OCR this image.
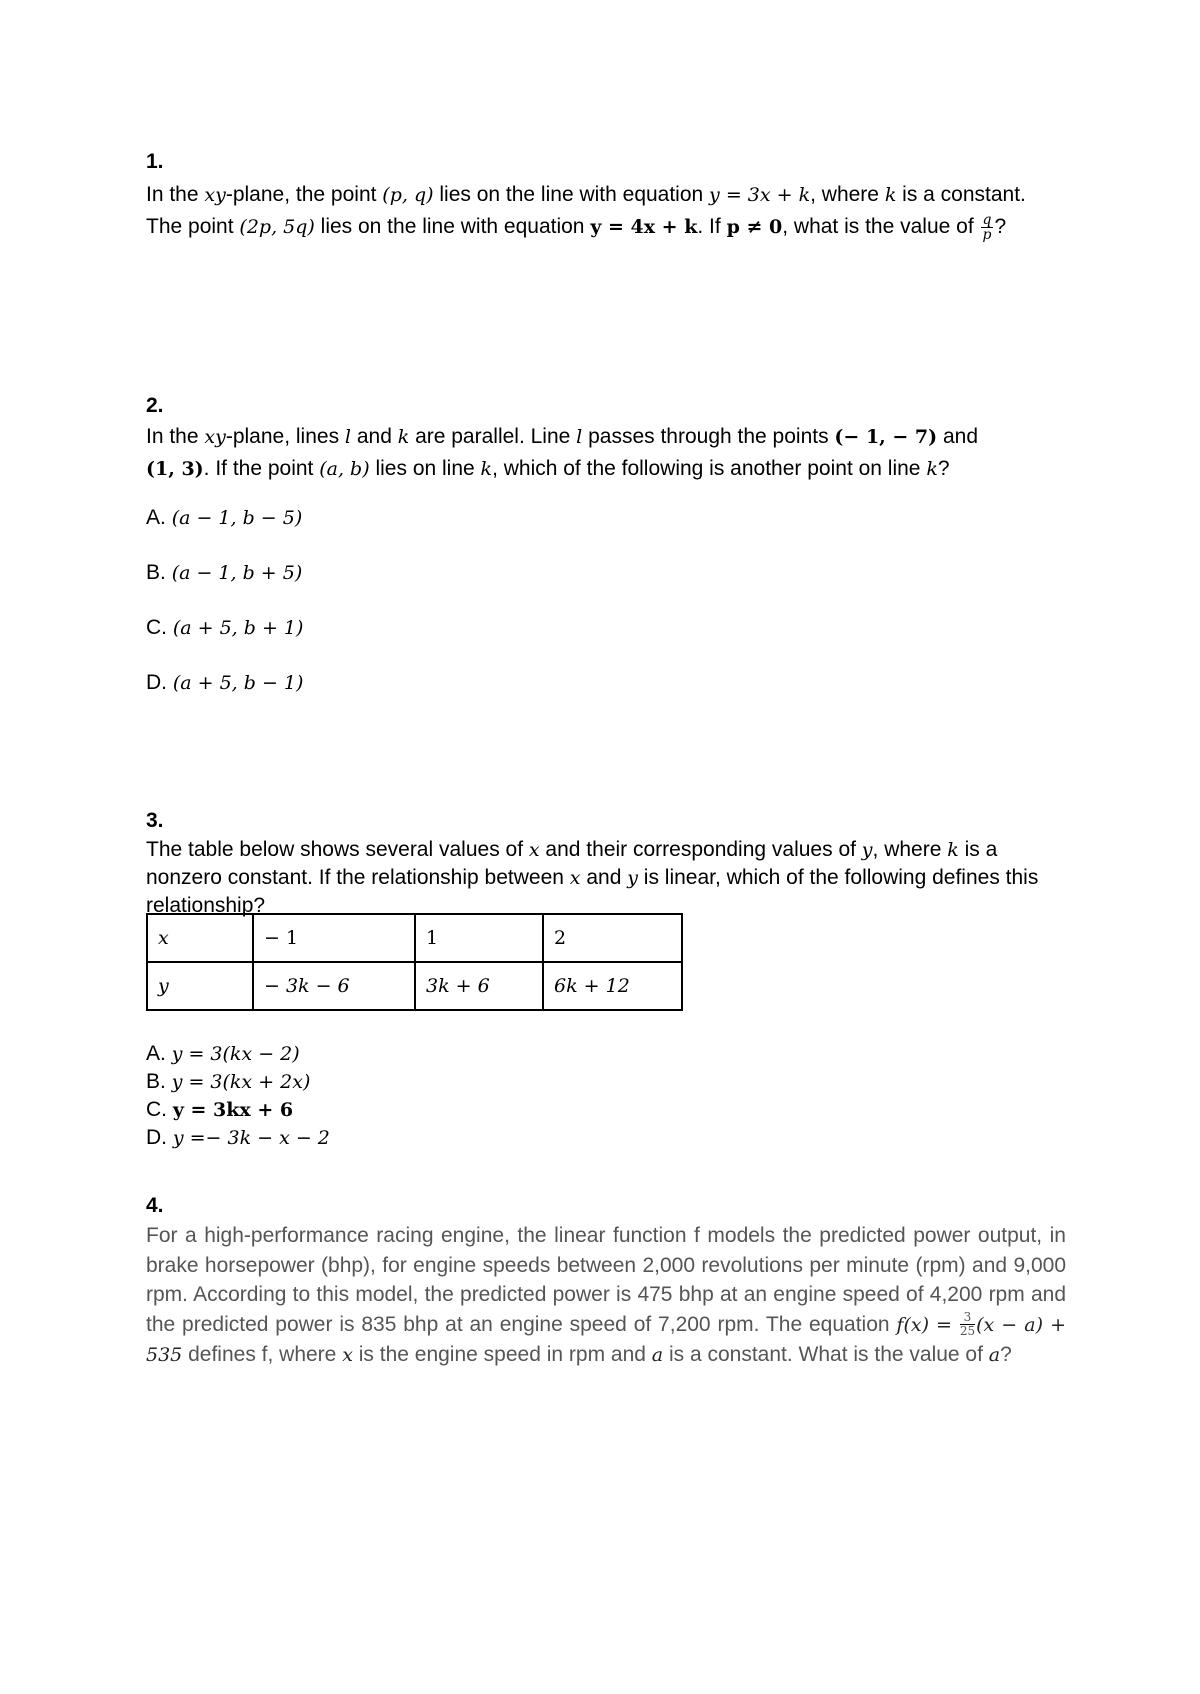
1.

In the xy-plane, the point (p, q) lies on the line with equation y = 3x + k, where k is a constant. The point (2p, 5q) lies on the line with equation y = 4x + k. If p ≠ 0, what is the value of $\frac{q}{p}$ ?

2.

In the xy-plane, lines l and k are parallel. Line l passes through the points (− 1, − 7) and

(1, 3). If the point (a, b) lies on line k, which of the following is another point on line k?

A. (a − 1, b − 5)

B. (a − 1, b + 5)

C. (a + 5, b + 1)

D. (a + 5, b − 1)

3.

The table below shows several values of x and their corresponding values of y, where k is a nonzero constant. If the relationship between x and y is linear, which of the following defines this relationship?

x	− 1	1	2
y	− 3k − 6	3k + 6	6k + 12

A. y = 3(kx − 2)

B. y = 3(kx + 2x)

C. y = 3kx + 6

D. y =− 3k − x − 2

4.

For a high-performance racing engine, the linear function f models the predicted power output, in brake horsepower (bhp), for engine speeds between 2,000 revolutions per minute (rpm) and 9,000 rpm. According to this model, the predicted power is 475 bhp at an engine speed of 4,200 rpm and the predicted power is 835 bhp at an engine speed of 7,200 rpm. The equation $f(x) = \frac{3}{25} (x - a) + 535$ defines f, where x is the engine speed in rpm and a is a constant. What is the value of a?
